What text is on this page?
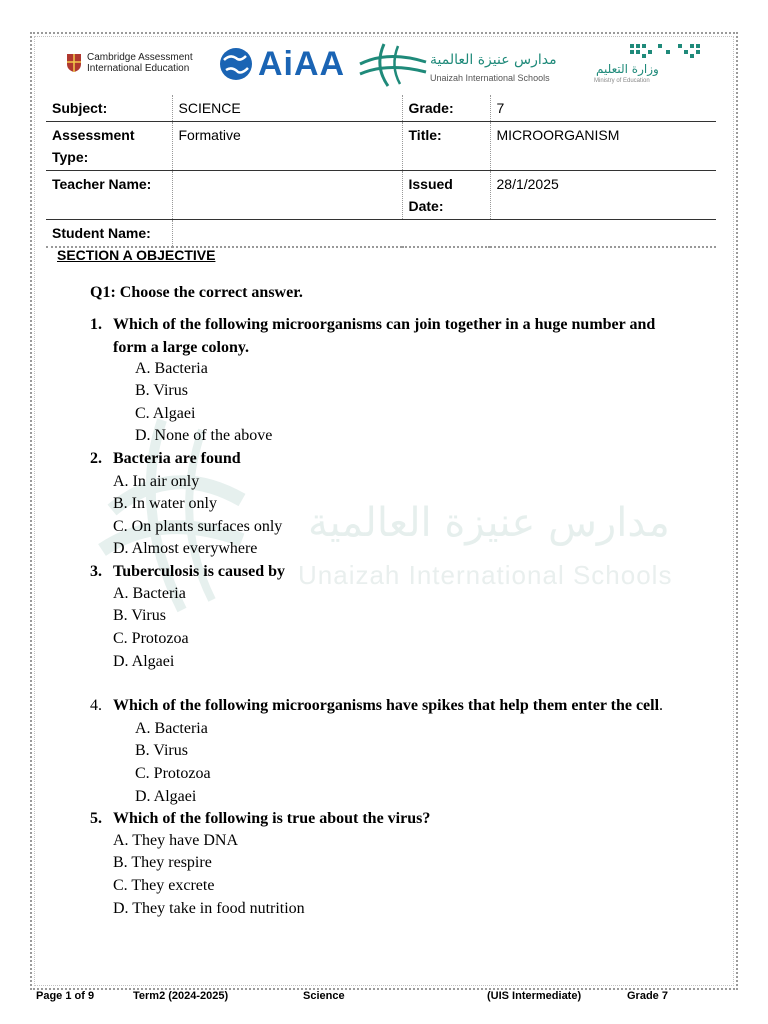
مدارس عنيزة العالمية
Unaizah International Schools
Cambridge Assessment
International Education AiAA	مدارس عنيزة العالمية
Unaizah International Schools
وزارة التعليم
Ministry of Education
Subject:	SCIENCE	Grade:	7
Assessment
Type:	Formative	Title:	MICROORGANISM
Teacher Name:		Issued
Date:	28/1/2025
Student Name:			
SECTION A OBJECTIVE
Q1: Choose the correct answer.
1. Which of the following microorganisms can join together in a huge number and
form a large colony.
A. Bacteria
B. Virus
C. Algaei
D. None of the above
2. Bacteria are found
A. In air only
B. In water only
C. On plants surfaces only
D. Almost everywhere
3. Tuberculosis is caused by
A. Bacteria
B. Virus
C. Protozoa
D. Algaei
4. Which of the following microorganisms have spikes that help them enter the cell.
A. Bacteria
B. Virus
C. Protozoa
D. Algaei
5. Which of the following is true about the virus?
A. They have DNA
B. They respire
C. They excrete
D. They take in food nutrition
Page 1 of 9	Term2 (2024-2025)	Science	(UIS Intermediate)	Grade 7
